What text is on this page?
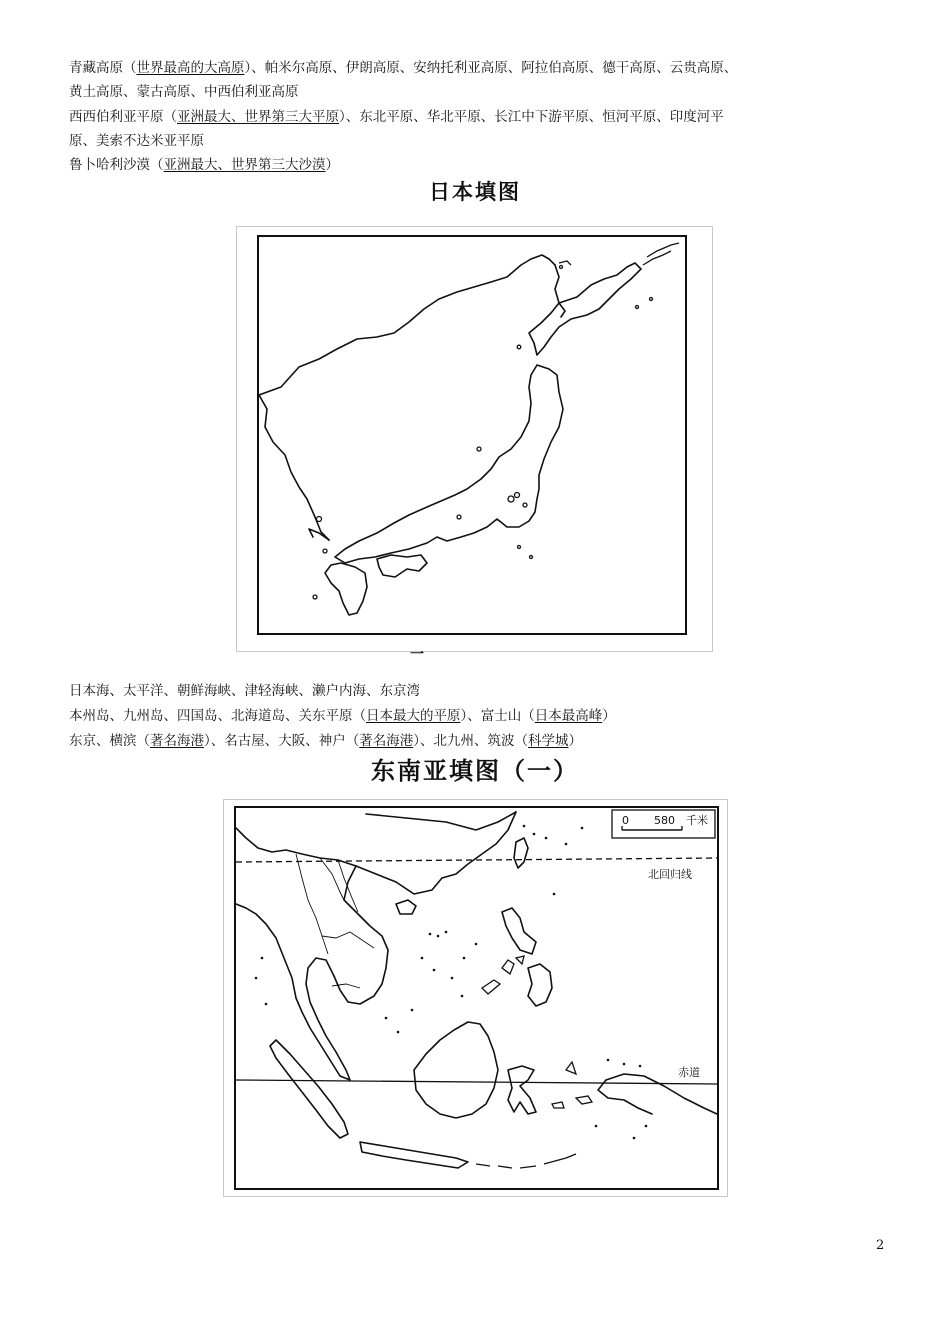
青藏高原（世界最高的大高原）、帕米尔高原、伊朗高原、安纳托利亚高原、阿拉伯高原、德干高原、云贵高原、
黄土高原、蒙古高原、中西伯利亚高原
西西伯利亚平原（亚洲最大、世界第三大平原）、东北平原、华北平原、长江中下游平原、恒河平原、印度河平
原、美索不达米亚平原
鲁卜哈利沙漠（亚洲最大、世界第三大沙漠）
日本填图
一
日本海、太平洋、朝鲜海峡、津轻海峡、濑户内海、东京湾
本州岛、九州岛、四国岛、北海道岛、关东平原（日本最大的平原）、富士山（日本最高峰）
东京、横滨（著名海港）、名古屋、大阪、神户（著名海港）、北九州、筑波（科学城）
东南亚填图（一）
0 580 千米
北回归线
赤道
2
